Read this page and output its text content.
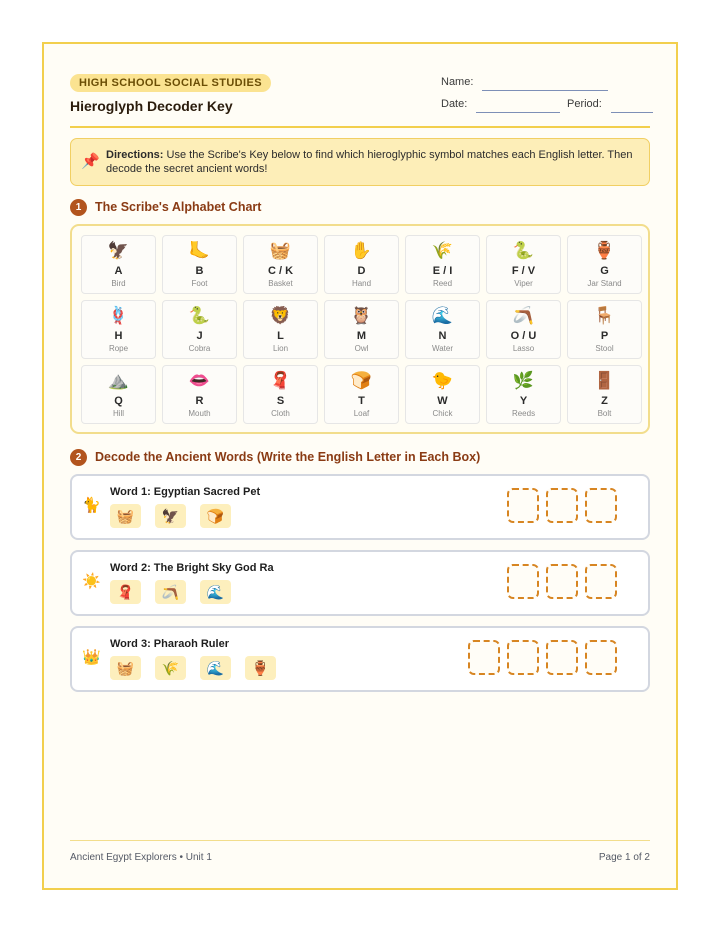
HIGH SCHOOL SOCIAL STUDIES
Hieroglyph Decoder Key
Name:
Date:	Period:
📌 Directions: Use the Scribe's Key below to find which hieroglyphic symbol matches each English letter. Then decode the secret ancient words!
1	The Scribe's Alphabet Chart
🦅
A
Bird
🦶
B
Foot
🧺
C / K
Basket
✋
D
Hand
🌾
E / I
Reed
🐍
F / V
Viper
🏺
G
Jar Stand
🪢
H
Rope
🐍
J
Cobra
🦁
L
Lion
🦉
M
Owl
🌊
N
Water
🪃
O / U
Lasso
🪑
P
Stool
⛰️
Q
Hill
👄
R
Mouth
🧣
S
Cloth
🍞
T
Loaf
🐤
W
Chick
🌿
Y
Reeds
🚪
Z
Bolt
2	Decode the Ancient Words (Write the English Letter in Each Box)
🐈
Word 1: Egyptian Sacred Pet
🧺	🦅	🍞
☀️
Word 2: The Bright Sky God Ra
🧣	🪃	🌊
👑
Word 3: Pharaoh Ruler
🧺	🌾	🌊	🏺
Ancient Egypt Explorers • Unit 1	Page 1 of 2
